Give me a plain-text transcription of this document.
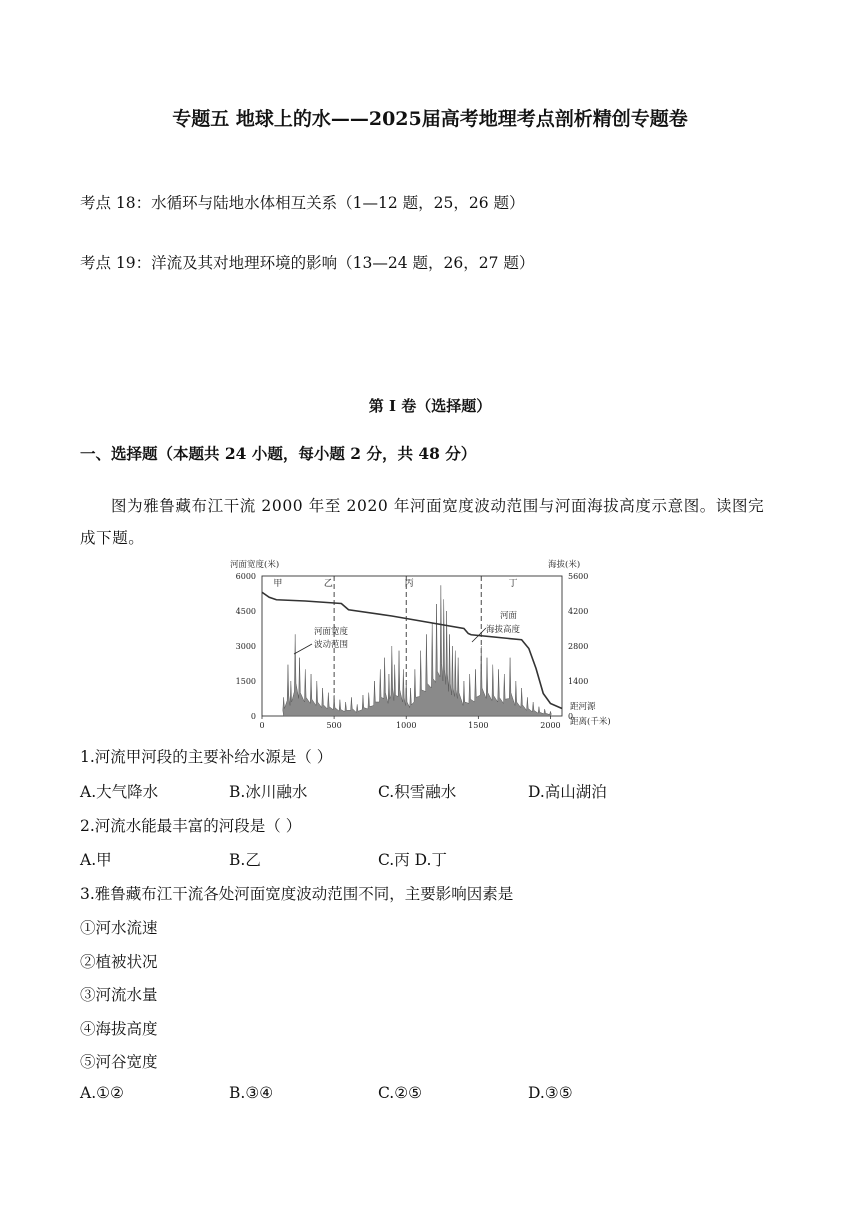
专题五 地球上的水——2025届高考地理考点剖析精创专题卷
考点 18：水循环与陆地水体相互关系（1—12 题，25，26 题）
考点 19：洋流及其对地理环境的影响（13—24 题，26，27 题）
第 I 卷（选择题）
一、选择题（本题共 24 小题，每小题 2 分，共 48 分）
图为雅鲁藏布江干流 2000 年至 2020 年河面宽度波动范围与河面海拔高度示意图。读图完成下题。
河面宽度(米)	海拔(米)
0	500	1000	1500	2000
0
1500
3000
4500
6000
0
1400
2800
4200
5600
甲	乙	丙	丁
河面宽度
波动范围
河面
海拔高度
距河源
距离(千米)
1.河流甲河段的主要补给水源是（ ）
A.大气降水	B.冰川融水	C.积雪融水	D.高山湖泊
2.河流水能最丰富的河段是（ ）
A.甲	B.乙	C.丙 D.丁
3.雅鲁藏布江干流各处河面宽度波动范围不同，主要影响因素是
①河水流速
②植被状况
③河流水量
④海拔高度
⑤河谷宽度
A.①②	B.③④	C.②⑤	D.③⑤
